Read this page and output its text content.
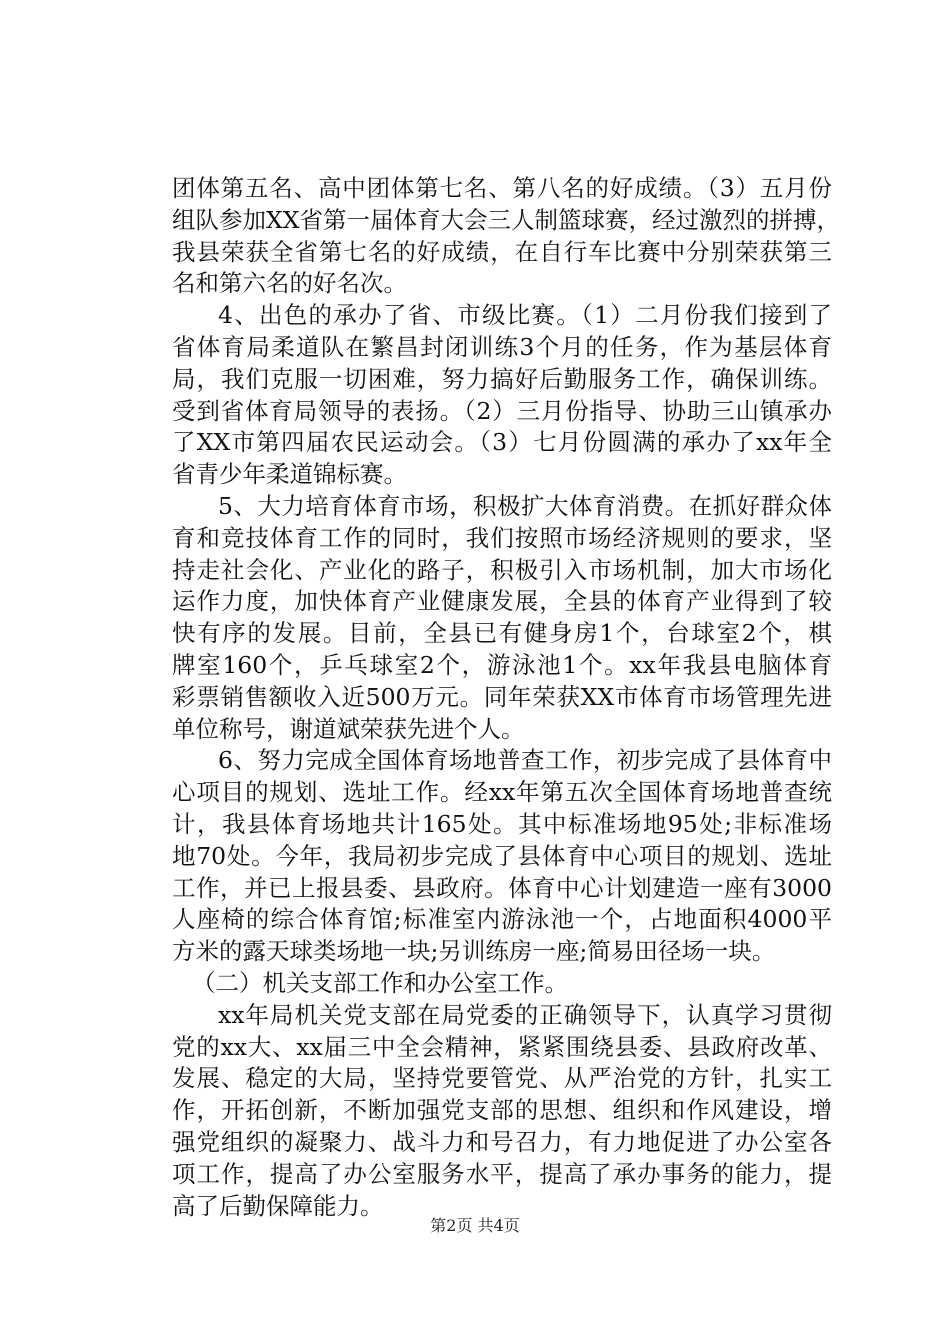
团体第五名、高中团体第七名、第八名的好成绩。（3）五月份
组队参加XX省第一届体育大会三人制篮球赛，经过激烈的拼搏，
我县荣获全省第七名的好成绩，在自行车比赛中分别荣获第三
名和第六名的好名次。
4、出色的承办了省、市级比赛。（1）二月份我们接到了
省体育局柔道队在繁昌封闭训练3个月的任务，作为基层体育
局，我们克服一切困难，努力搞好后勤服务工作，确保训练。
受到省体育局领导的表扬。（2）三月份指导、协助三山镇承办
了XX市第四届农民运动会。（3）七月份圆满的承办了xx年全
省青少年柔道锦标赛。
5、大力培育体育市场，积极扩大体育消费。在抓好群众体
育和竞技体育工作的同时，我们按照市场经济规则的要求，坚
持走社会化、产业化的路子，积极引入市场机制，加大市场化
运作力度，加快体育产业健康发展，全县的体育产业得到了较
快有序的发展。目前，全县已有健身房1个，台球室2个，棋
牌室160个，乒乓球室2个，游泳池1个。xx年我县电脑体育
彩票销售额收入近500万元。同年荣获XX市体育市场管理先进
单位称号，谢道斌荣获先进个人。
6、努力完成全国体育场地普查工作，初步完成了县体育中
心项目的规划、选址工作。经xx年第五次全国体育场地普查统
计，我县体育场地共计165处。其中标准场地95处;非标准场
地70处。今年，我局初步完成了县体育中心项目的规划、选址
工作，并已上报县委、县政府。体育中心计划建造一座有3000
人座椅的综合体育馆;标准室内游泳池一个，占地面积4000平
方米的露天球类场地一块;另训练房一座;简易田径场一块。
（二）机关支部工作和办公室工作。
xx年局机关党支部在局党委的正确领导下，认真学习贯彻
党的xx大、xx届三中全会精神，紧紧围绕县委、县政府改革、
发展、稳定的大局，坚持党要管党、从严治党的方针，扎实工
作，开拓创新，不断加强党支部的思想、组织和作风建设，增
强党组织的凝聚力、战斗力和号召力，有力地促进了办公室各
项工作，提高了办公室服务水平，提高了承办事务的能力，提
高了后勤保障能力。
第2页 共4页
